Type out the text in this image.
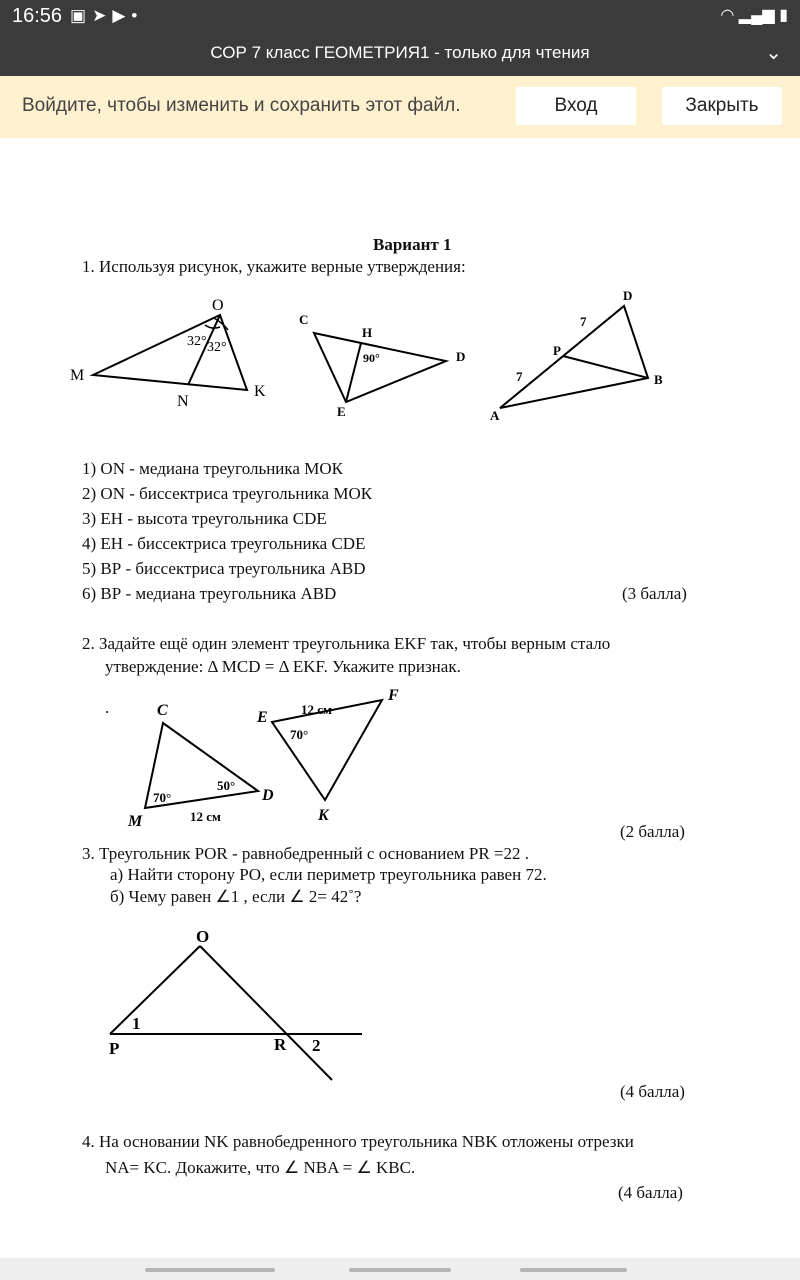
16:56 ▣➤▶•	◠ ▂▄▆ ▮
СОР 7 класс ГЕОМЕТРИЯ1 - только для чтения	⌄
Войдите, чтобы изменить и сохранить этот файл.	Вход	Закрыть
Вариант 1
1. Используя рисунок, укажите верные утверждения:
O
M
N
K
32° 32°
C
H
D
E
90°
D
P
B
A
7
7
1) ON - медиана треугольника МОК
2) ON - биссектриса треугольника МОК
3) ЕН - высота треугольника СDE
4) ЕН - биссектриса треугольника СDE
5) ВР - биссектриса треугольника ABD
6) ВР - медиана треугольника ABD	(3 балла)
2. Задайте ещё один элемент треугольника EKF так, чтобы верным стало
утверждение: Δ MCD = Δ EKF. Укажите признак.
.	C
M
D
70°
50°
12 см
E
F
K
70°
12 см
(2 балла)
3. Треугольник POR - равнобедренный с основанием PR =22 .
а) Найти сторону PO, если периметр треугольника равен 72.
б) Чему равен ∠1 , если ∠ 2= 42˚?
O
P	R
1
2
(4 балла)
4. На основании NK равнобедренного треугольника NBK отложены отрезки
NA= KC. Докажите, что ∠ NBA = ∠ KBC.
(4 балла)
